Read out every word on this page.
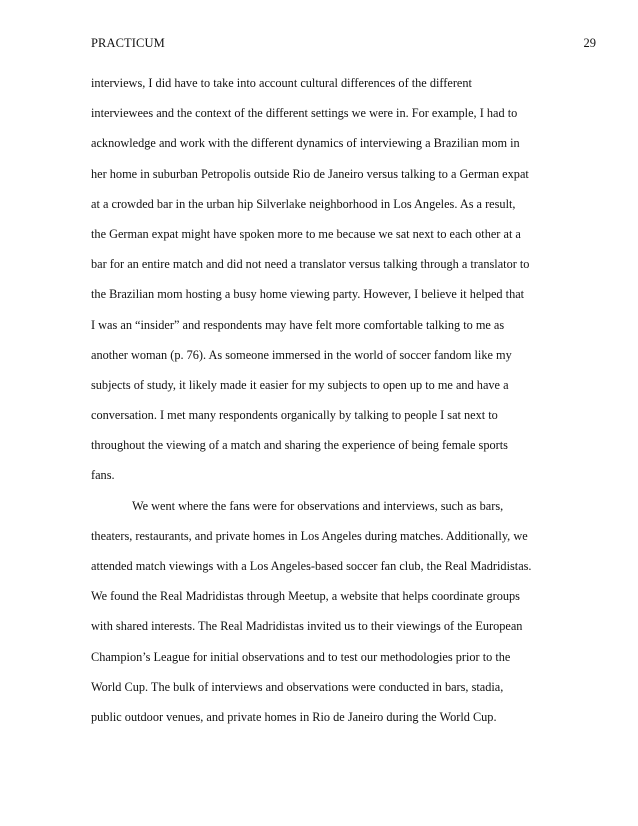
PRACTICUM	29
interviews, I did have to take into account cultural differences of the different
interviewees and the context of the different settings we were in. For example, I had to
acknowledge and work with the different dynamics of interviewing a Brazilian mom in
her home in suburban Petropolis outside Rio de Janeiro versus talking to a German expat
at a crowded bar in the urban hip Silverlake neighborhood in Los Angeles. As a result,
the German expat might have spoken more to me because we sat next to each other at a
bar for an entire match and did not need a translator versus talking through a translator to
the Brazilian mom hosting a busy home viewing party. However, I believe it helped that
I was an “insider” and respondents may have felt more comfortable talking to me as
another woman (p. 76). As someone immersed in the world of soccer fandom like my
subjects of study, it likely made it easier for my subjects to open up to me and have a
conversation. I met many respondents organically by talking to people I sat next to
throughout the viewing of a match and sharing the experience of being female sports
fans.
We went where the fans were for observations and interviews, such as bars,
theaters, restaurants, and private homes in Los Angeles during matches. Additionally, we
attended match viewings with a Los Angeles-based soccer fan club, the Real Madridistas.
We found the Real Madridistas through Meetup, a website that helps coordinate groups
with shared interests. The Real Madridistas invited us to their viewings of the European
Champion’s League for initial observations and to test our methodologies prior to the
World Cup. The bulk of interviews and observations were conducted in bars, stadia,
public outdoor venues, and private homes in Rio de Janeiro during the World Cup.
